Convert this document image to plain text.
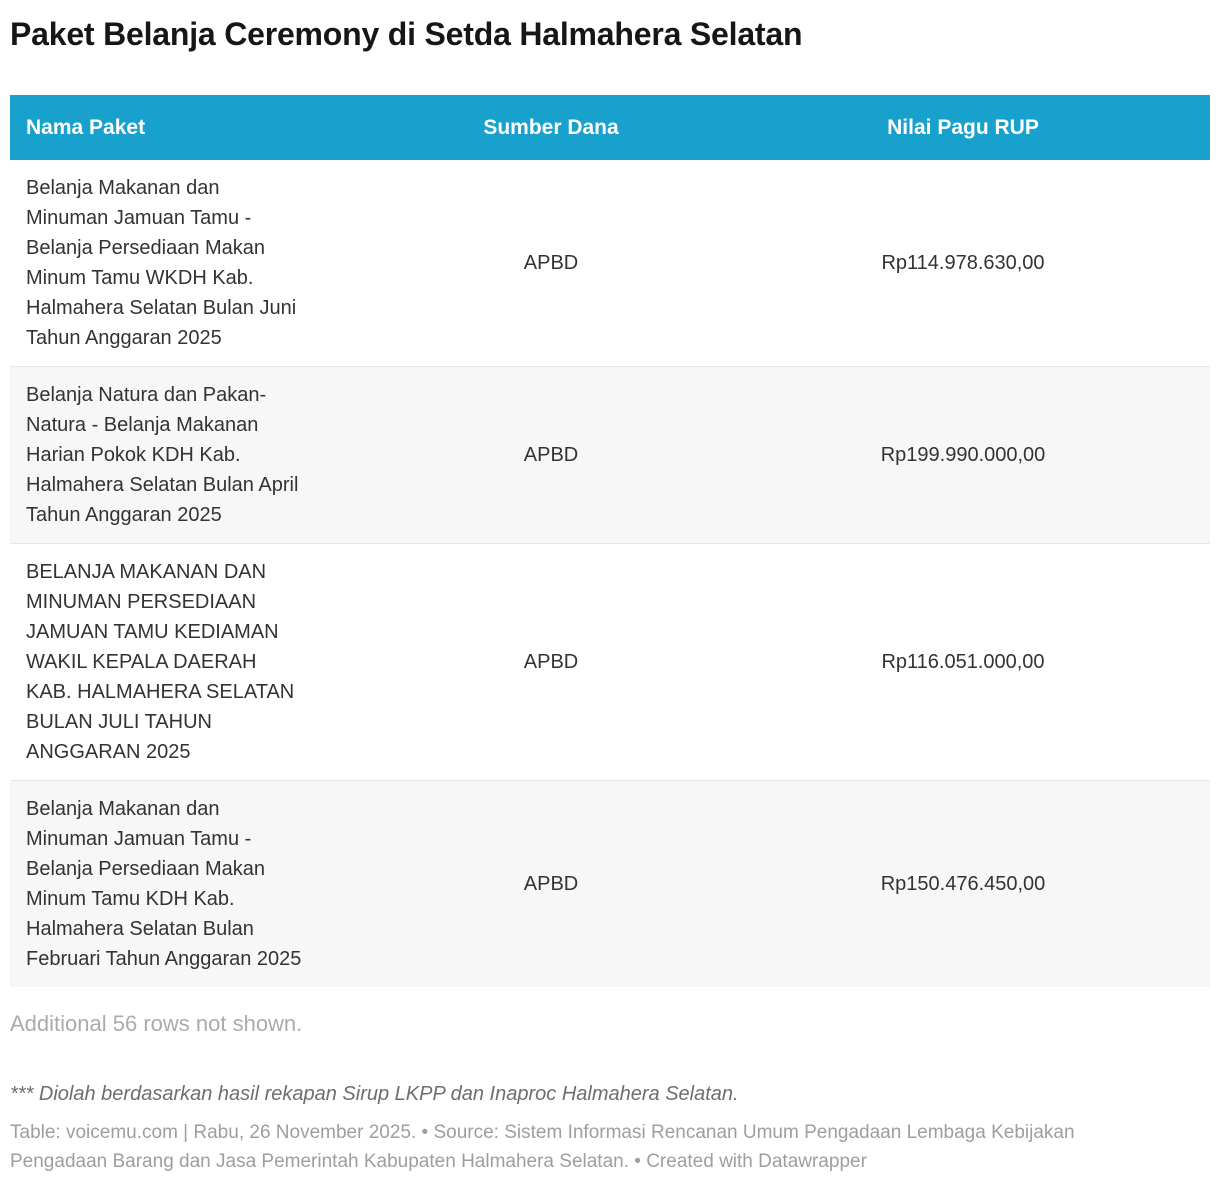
Paket Belanja Ceremony di Setda Halmahera Selatan
Nama Paket	Sumber Dana	Nilai Pagu RUP
Belanja Makanan dan Minuman Jamuan Tamu - Belanja Persediaan Makan Minum Tamu WKDH Kab. Halmahera Selatan Bulan Juni Tahun Anggaran 2025	APBD	Rp114.978.630,00
Belanja Natura dan Pakan-Natura - Belanja Makanan Harian Pokok KDH Kab. Halmahera Selatan Bulan April Tahun Anggaran 2025	APBD	Rp199.990.000,00
BELANJA MAKANAN DAN MINUMAN PERSEDIAAN JAMUAN TAMU KEDIAMAN WAKIL KEPALA DAERAH KAB. HALMAHERA SELATAN BULAN JULI TAHUN ANGGARAN 2025	APBD	Rp116.051.000,00
Belanja Makanan dan Minuman Jamuan Tamu - Belanja Persediaan Makan Minum Tamu KDH Kab. Halmahera Selatan Bulan Februari Tahun Anggaran 2025	APBD	Rp150.476.450,00

Additional 56 rows not shown.

*** Diolah berdasarkan hasil rekapan Sirup LKPP dan Inaproc Halmahera Selatan.

Table: voicemu.com | Rabu, 26 November 2025. • Source: Sistem Informasi Rencanan Umum Pengadaan Lembaga Kebijakan Pengadaan Barang dan Jasa Pemerintah Kabupaten Halmahera Selatan. • Created with Datawrapper
